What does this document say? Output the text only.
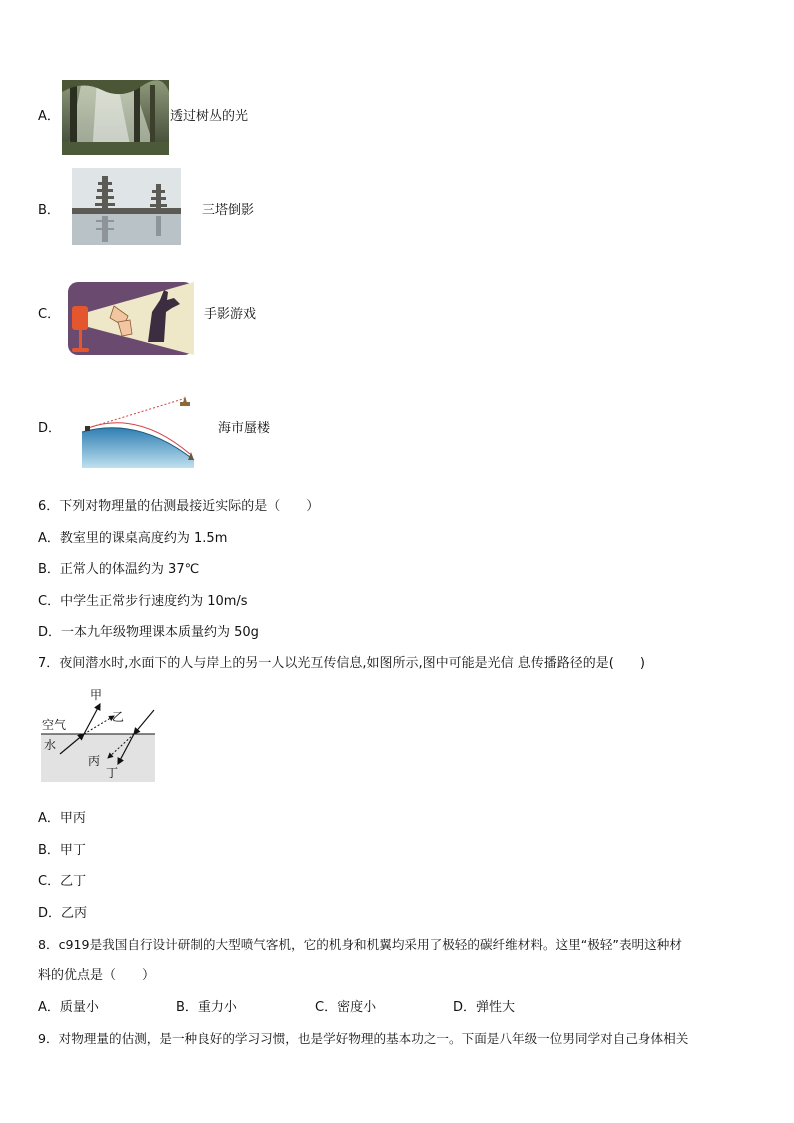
A．	透过树丛的光
B．	三塔倒影
C．	手影游戏
D．	海市蜃楼
6．下列对物理量的估测最接近实际的是（　　）
A．教室里的课桌高度约为 1.5m
B．正常人的体温约为 37℃
C．中学生正常步行速度约为 10m/s
D．一本九年级物理课本质量约为 50g
7．夜间潜水时,水面下的人与岸上的另一人以光互传信息,如图所示,图中可能是光信 息传播路径的是(　　)
甲
乙
空气
水
丙
丁
A．甲丙
B．甲丁
C．乙丁
D．乙丙
8．c919是我国自行设计研制的大型喷气客机，它的机身和机翼均采用了极轻的碳纤维材料。这里“极轻”表明这种材
料的优点是（　　）
A．质量小	B．重力小	C．密度小	D．弹性大
9．对物理量的估测，是一种良好的学习习惯，也是学好物理的基本功之一。下面是八年级一位男同学对自己身体相关
